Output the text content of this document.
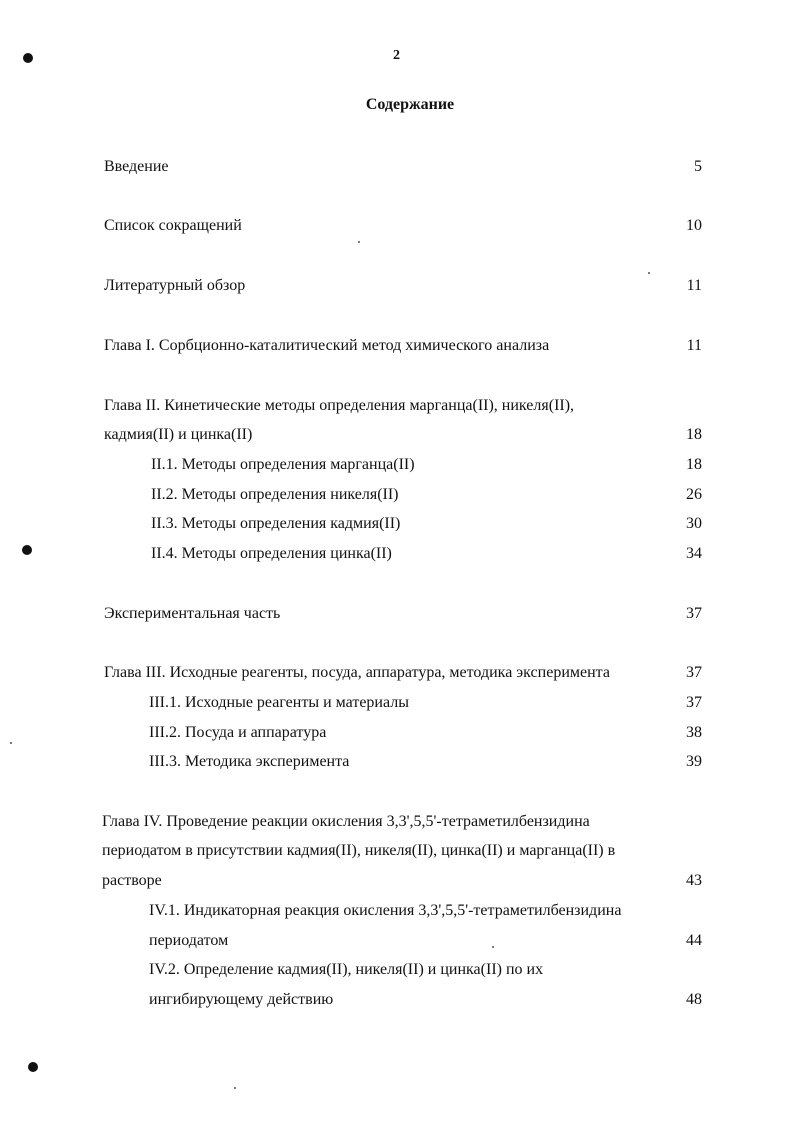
2
Содержание
Введение	5
Список сокращений	10
Литературный обзор	11
Глава I. Сорбционно-каталитический метод химического анализа	11
Глава II. Кинетические методы определения марганца(II), никеля(II),
кадмия(II) и цинка(II)	18
II.1. Методы определения марганца(II)	18
II.2. Методы определения никеля(II)	26
II.3. Методы определения кадмия(II)	30
II.4. Методы определения цинка(II)	34
Экспериментальная часть	37
Глава III. Исходные реагенты, посуда, аппаратура, методика эксперимента	37
III.1. Исходные реагенты и материалы	37
III.2. Посуда и аппаратура	38
III.3. Методика эксперимента	39
Глава IV. Проведение реакции окисления 3,3',5,5'-тетраметилбензидина
периодатом в присутствии кадмия(II), никеля(II), цинка(II) и марганца(II) в
растворе	43
IV.1. Индикаторная реакция окисления 3,3',5,5'-тетраметилбензидина
периодатом	44
IV.2. Определение кадмия(II), никеля(II) и цинка(II) по их
ингибирующему действию	48
